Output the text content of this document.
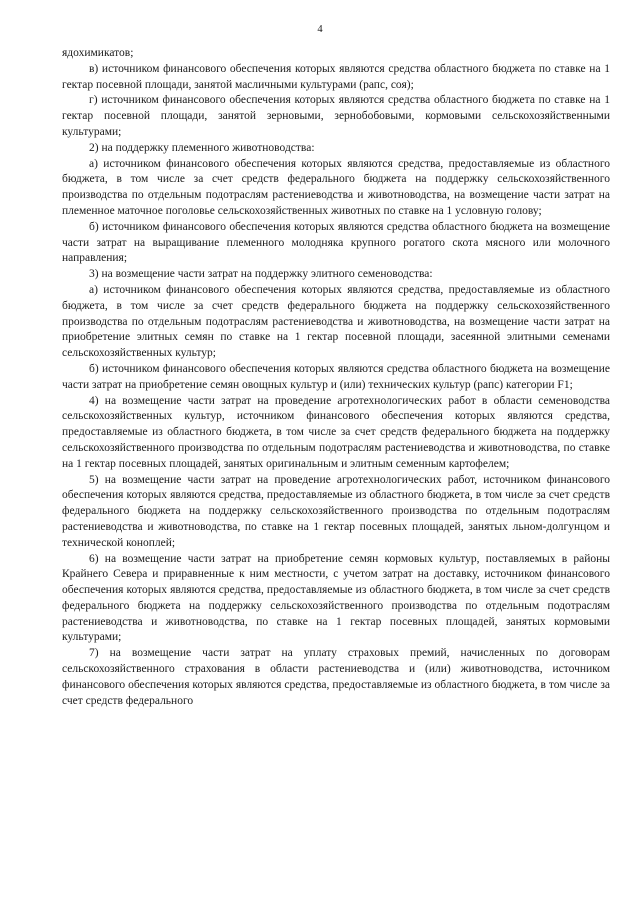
4

ядохимикатов;

в) источником финансового обеспечения которых являются средства областного бюджета по ставке на 1 гектар посевной площади, занятой масличными культурами (рапс, соя);

г) источником финансового обеспечения которых являются средства областного бюджета по ставке на 1 гектар посевной площади, занятой зерновыми, зернобобовыми, кормовыми сельскохозяйственными культурами;

2) на поддержку племенного животноводства:

а) источником финансового обеспечения которых являются средства, предоставляемые из областного бюджета, в том числе за счет средств федерального бюджета на поддержку сельскохозяйственного производства по отдельным подотраслям растениеводства и животноводства, на возмещение части затрат на племенное маточное поголовье сельскохозяйственных животных по ставке на 1 условную голову;

б) источником финансового обеспечения которых являются средства областного бюджета на возмещение части затрат на выращивание племенного молодняка крупного рогатого скота мясного или молочного направления;

3) на возмещение части затрат на поддержку элитного семеноводства:

а) источником финансового обеспечения которых являются средства, предоставляемые из областного бюджета, в том числе за счет средств федерального бюджета на поддержку сельскохозяйственного производства по отдельным подотраслям растениеводства и животноводства, на возмещение части затрат на приобретение элитных семян по ставке на 1 гектар посевной площади, засеянной элитными семенами сельскохозяйственных культур;

б) источником финансового обеспечения которых являются средства областного бюджета на возмещение части затрат на приобретение семян овощных культур и (или) технических культур (рапс) категории F1;

4) на возмещение части затрат на проведение агротехнологических работ в области семеноводства сельскохозяйственных культур, источником финансового обеспечения которых являются средства, предоставляемые из областного бюджета, в том числе за счет средств федерального бюджета на поддержку сельскохозяйственного производства по отдельным подотраслям растениеводства и животноводства, по ставке на 1 гектар посевных площадей, занятых оригинальным и элитным семенным картофелем;

5) на возмещение части затрат на проведение агротехнологических работ, источником финансового обеспечения которых являются средства, предоставляемые из областного бюджета, в том числе за счет средств федерального бюджета на поддержку сельскохозяйственного производства по отдельным подотраслям растениеводства и животноводства, по ставке на 1 гектар посевных площадей, занятых льном-долгунцом и технической коноплей;

6) на возмещение части затрат на приобретение семян кормовых культур, поставляемых в районы Крайнего Севера и приравненные к ним местности, с учетом затрат на доставку, источником финансового обеспечения которых являются средства, предоставляемые из областного бюджета, в том числе за счет средств федерального бюджета на поддержку сельскохозяйственного производства по отдельным подотраслям растениеводства и животноводства, по ставке на 1 гектар посевных площадей, занятых кормовыми культурами;

7) на возмещение части затрат на уплату страховых премий, начисленных по договорам сельскохозяйственного страхования в области растениеводства и (или) животноводства, источником финансового обеспечения которых являются средства, предоставляемые из областного бюджета, в том числе за счет средств федерального
